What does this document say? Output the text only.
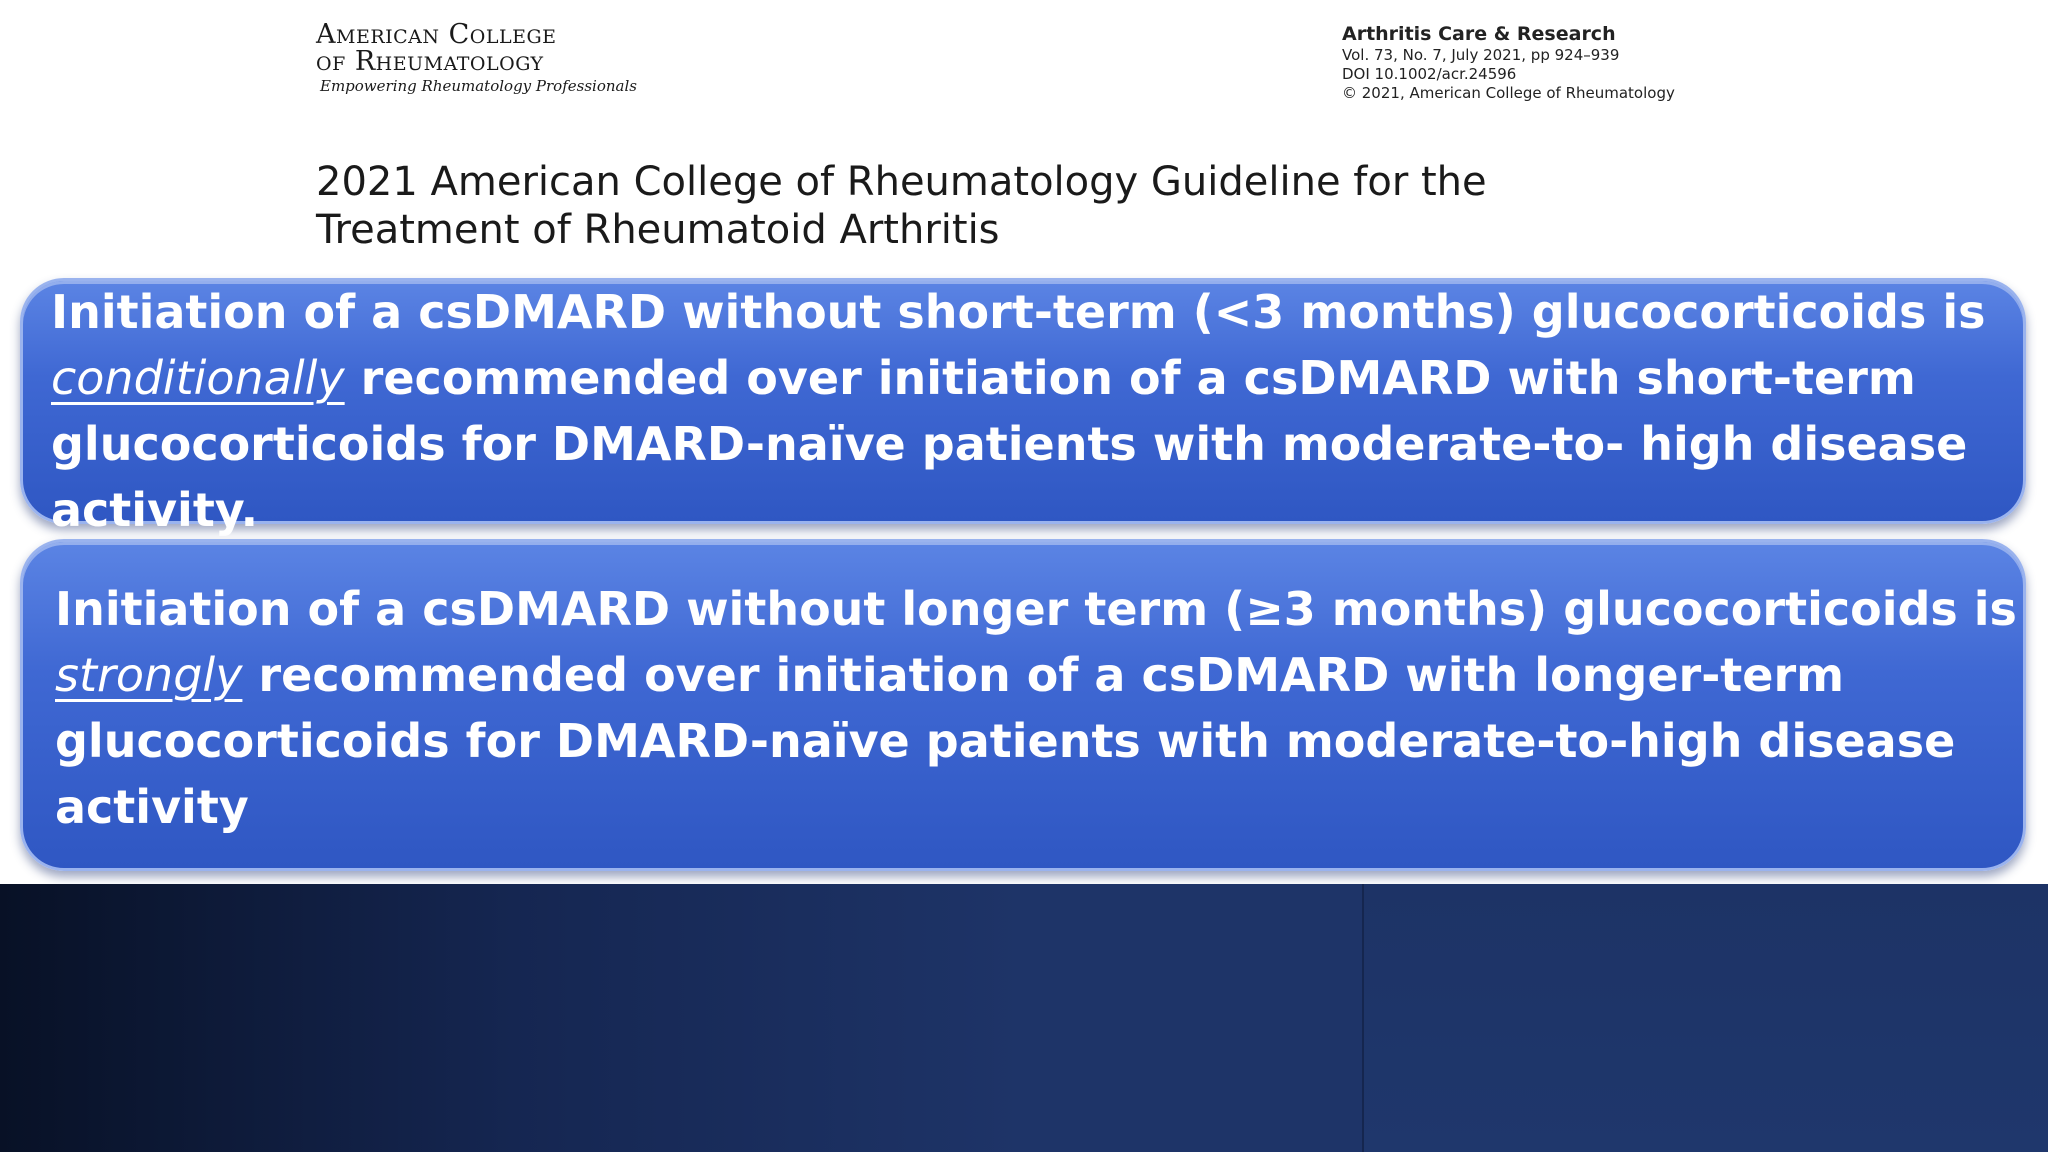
American College
of Rheumatology
Empowering Rheumatology Professionals
Arthritis Care & Research
Vol. 73, No. 7, July 2021, pp 924–939
DOI 10.1002/acr.24596
© 2021, American College of Rheumatology
2021 American College of Rheumatology Guideline for the
Treatment of Rheumatoid Arthritis
Initiation of a csDMARD without short-term (<3 months) glucocorticoids is
conditionally recommended over initiation of a csDMARD with short-term
glucocorticoids for DMARD-naïve patients with moderate-to- high disease
activity.
Initiation of a csDMARD without longer term (≥3 months) glucocorticoids is
strongly recommended over initiation of a csDMARD with longer-term
glucocorticoids for DMARD-naïve patients with moderate-to-high disease
activity
